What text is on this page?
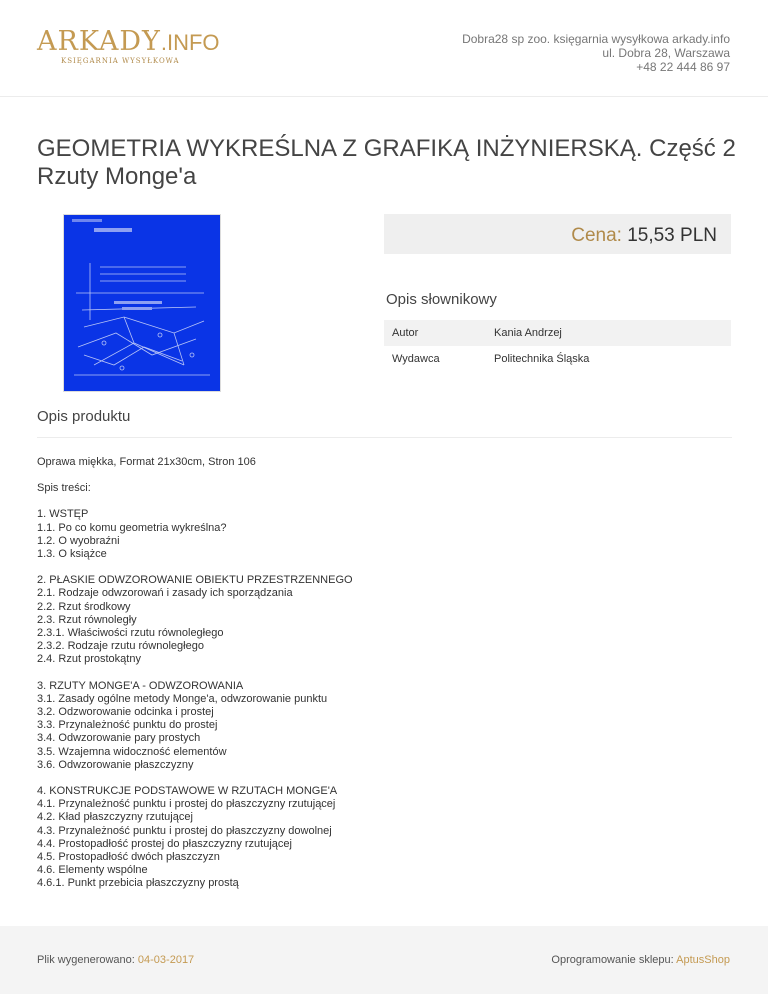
ARKADY.INFO
KSIĘGARNIA WYSYŁKOWA
Dobra28 sp zoo. księgarnia wysyłkowa arkady.info
ul. Dobra 28, Warszawa
+48 22 444 86 97
GEOMETRIA WYKREŚLNA Z GRAFIKĄ INŻYNIERSKĄ. Część 2 Rzuty Monge'a
Cena: 15,53 PLN
Opis słownikowy
Autor	Kania Andrzej
Wydawca	Politechnika Śląska
Opis produktu

Oprawa miękka, Format 21x30cm, Stron 106

Spis treści:

1. WSTĘP
1.1. Po co komu geometria wykreślna?
1.2. O wyobraźni
1.3. O książce
2. PŁASKIE ODWZOROWANIE OBIEKTU PRZESTRZENNEGO
2.1. Rodzaje odwzorowań i zasady ich sporządzania
2.2. Rzut środkowy
2.3. Rzut równoległy
2.3.1. Właściwości rzutu równoległego
2.3.2. Rodzaje rzutu równoległego
2.4. Rzut prostokątny
3. RZUTY MONGE'A - ODWZOROWANIA
3.1. Zasady ogólne metody Monge'a, odwzorowanie punktu
3.2. Odzworowanie odcinka i prostej
3.3. Przynależność punktu do prostej
3.4. Odwzorowanie pary prostych
3.5. Wzajemna widoczność elementów
3.6. Odwzorowanie płaszczyzny
4. KONSTRUKCJE PODSTAWOWE W RZUTACH MONGE'A
4.1. Przynależność punktu i prostej do płaszczyzny rzutującej
4.2. Kład płaszczyzny rzutującej
4.3. Przynależność punktu i prostej do płaszczyzny dowolnej
4.4. Prostopadłość prostej do płaszczyzny rzutującej
4.5. Prostopadłość dwóch płaszczyzn
4.6. Elementy wspólne
4.6.1. Punkt przebicia płaszczyzny prostą
Plik wygenerowano: 04-03-2017	Oprogramowanie sklepu: AptusShop
